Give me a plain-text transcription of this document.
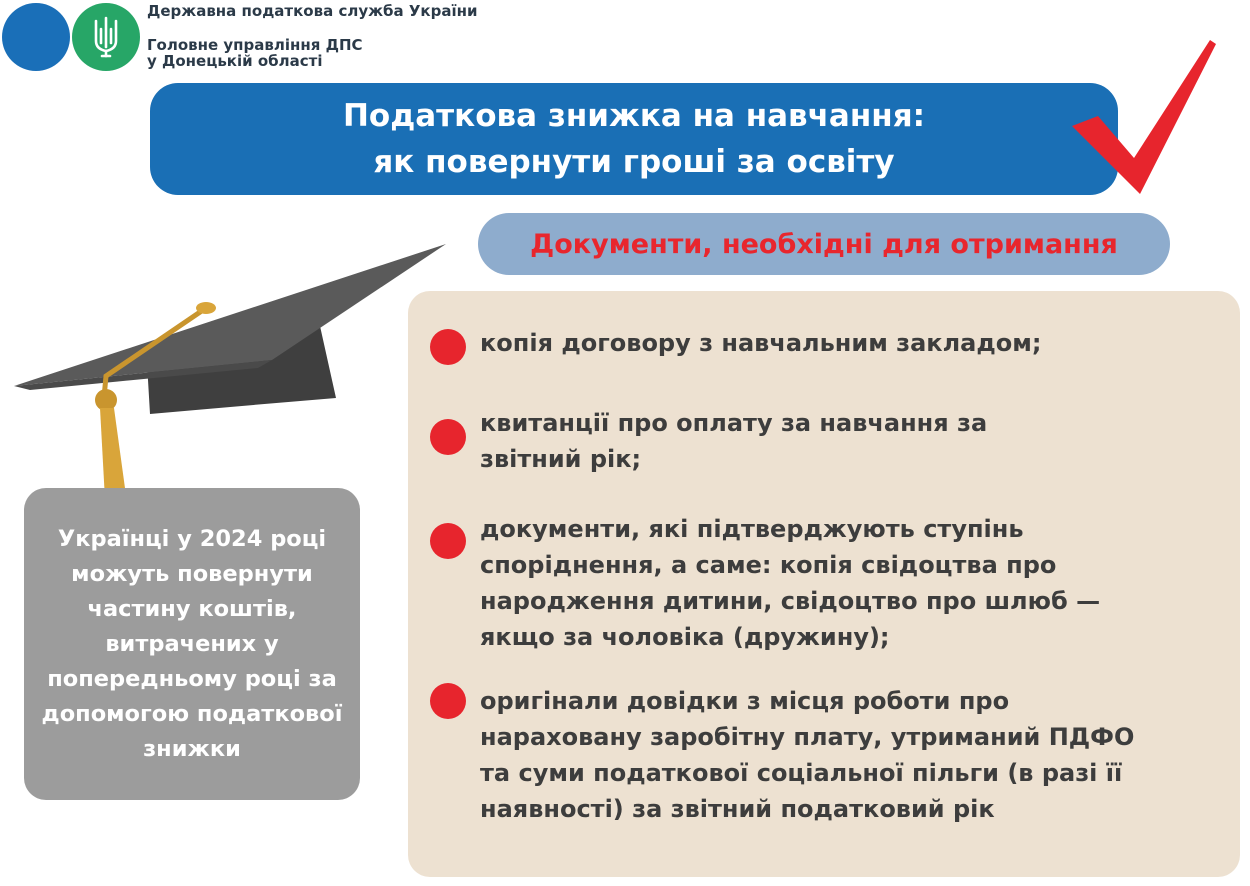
Державна податкова служба України
Головне управління ДПС
у Донецькій області
Податкова знижка на навчання:
як повернути гроші за освіту
Документи, необхідні для отримання
Українці у 2024 році можуть повернути частину коштів, витрачених у попередньому році за допомогою податкової знижки
копія договору з навчальним закладом;
квитанції про оплату за навчання за
звітний рік;
документи, які підтверджують ступінь
споріднення, а саме: копія свідоцтва про
народження дитини, свідоцтво про шлюб —
якщо за чоловіка (дружину);
оригінали довідки з місця роботи про
нараховану заробітну плату, утриманий ПДФО
та суми податкової соціальної пільги (в разі її
наявності) за звітний податковий рік
